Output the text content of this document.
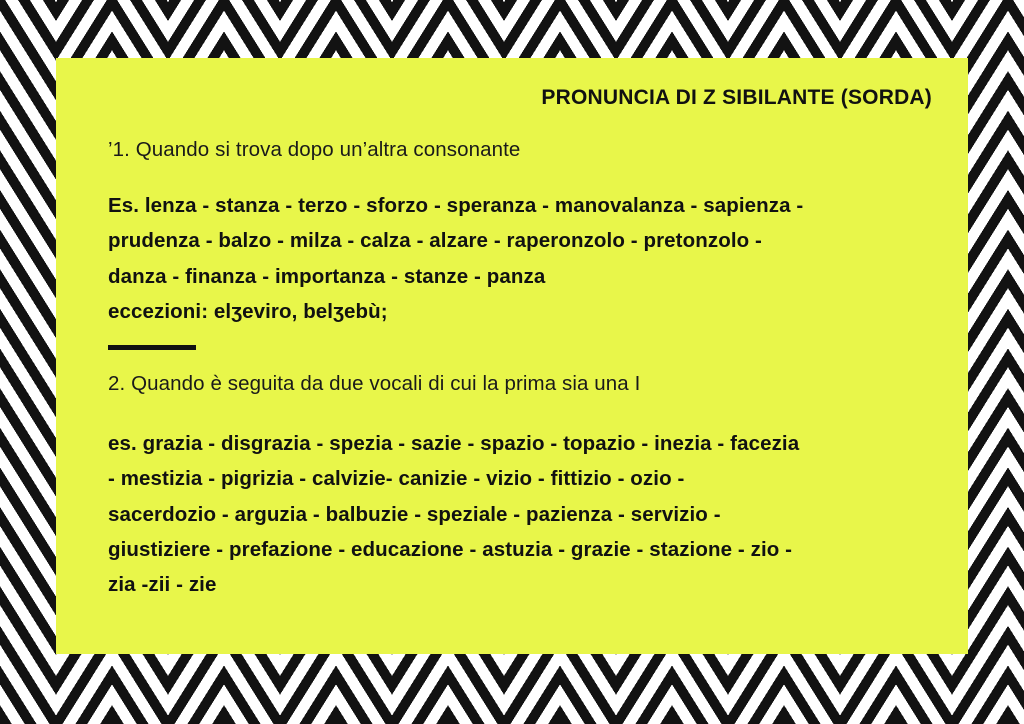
PRONUNCIA DI Z SIBILANTE (SORDA)
’1. Quando si trova dopo un’altra consonante
Es. lenza - stanza - terzo - sforzo - speranza - manovalanza - sapienza -
prudenza - balzo - milza - calza - alzare - raperonzolo - pretonzolo -
danza - finanza - importanza - stanze - panza
eccezioni: elʒeviro, belʒebù;
2. Quando è seguita da due vocali di cui la prima sia una I
es. grazia - disgrazia - spezia - sazie - spazio - topazio - inezia - facezia
- mestizia - pigrizia - calvizie- canizie - vizio - fittizio - ozio -
sacerdozio - arguzia - balbuzie - speziale - pazienza - servizio -
giustiziere - prefazione - educazione - astuzia - grazie - stazione - zio -
zia -zii - zie
